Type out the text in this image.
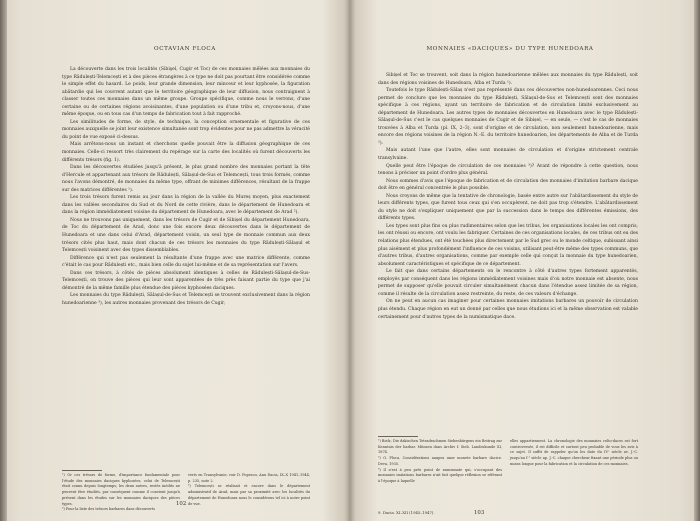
OCTAVIAN FLOCA

La découverte dans les trois localités (Sibişel, Cugir et Toc) de ces monnaies mêlées aux monnaies du type Rădulești-Telemcești et à des pièces étrangères à ce type ne doit pas pourtant être considérée comme le simple effet du hasard. Le poids, leur grande dimension, leur minceur et leur kyphosée, la figuration abâtardie qui les couvrent autant que le territoire géographique de leur diffusion, nous contraignent à classer toutes ces monnaies dans un même groupe. Groupe spécifique, comme nous le verrons, d'une certaine ou de certaines régions avoisinantes, d'une population ou d'une tribu et, croyons-nous, d'une même époque, ou en tous cas d'un temps de fabrication tout à fait rapproché.

Les similitudes de forme, de style, de technique, la conception ornementale et figurative de ces monnaies auxquelle se joint leur existence simultanée sont trop évidentes pour ne pas admettre la véracité du point de vue exposé ci-dessus.

Mais arrêtons-nous un instant et cherchons quelle pouvait être la diffusion géographique de ces monnaies. Celle-ci ressort très clairement du repérage sur la carte des localités où furent découverts les différents trésors (fig. 1).

Dans les découvertes étudiées jusqu'à présent, le plus grand nombre des monnaies portant la tête d'Hercule et appartenant aux trésors de Rădulești, Sălașul-de-Sus et Telemcești, tous trois formés, comme nous l'avons démontré, de monnaies du même type, offrant de minimes différences, résultant de la frappe sur des matrices différentes ¹).

Les trois trésors furent remis au jour dans la région de la vallée du Mureș moyen, plus exactement dans les vallées secondaires du Sud et du Nord de cette rivière, dans le département de Hunedoara et dans la région immédiatement voisine du département de Hunedoara, avec le département de Arad ²).

Nous ne trouvons pas uniquement, dans les trésors de Cugir et de Sibișel du département Hunedoara, de Toc du département de Arad, donc une fois encore deux découvertes dans le département de Hunedoara et une dans celui d'Arad, département voisin, un seul type de monnaie commun aux deux trésors cités plus haut, mais dont chacun de ces trésors les monnaies du type Rădulești-Sălașul et Telemcești voisinent avec des types dissemblables.

Différence qui n'est pas seulement la résultante d'une frappe avec une matrice différente, comme c'était le cas pour Rădulești etc., mais bien celle du sujet lui-même et de sa représentation sur l'avers.

Dans ces trésors, à côtés de pièces absolument identiques à celles de Rădulești-Sălașul-de-Sus-Telemcești, on trouve des pièces qui leur sont apparentées de très près faisant partie du type que j'ai démontré de la même famille plus étendue des pièces kyphosées daciques.

Les monnaies du type Rădulești, Sălașul-de-Sus et Telemcești se trouvent exclusivement dans la région hunedoarienne ³), les autres monnaies provenant des trésors de Cugir,

¹) Or ces trésors de forme, d'importance fondamentale pour l'étude des monnaies daciques kyphosées, celui de Telemcești était connu depuis longtemps; les deux autres, restés inédits ne peuvent être étudiés, par conséquent comme il convient jusqu'à présent dans les études sur les monnaies daciques des pièces types.

²) Pour la liste des trésors barbares dans découverts

verts en Transylvanie, voir D. Popescu, Anu Dacia, IX–X 1941–1944, p. 235, note 2.

³) Telemcești se réalisait et encore dans le département administratif de Arad, mais par sa proximité avec les localités du département de Hunedoara nous le considérons tel ici à notre point de vue.

102
MONNAIES «DACIQUES» DU TYPE HUNEDOARA

Sibișel et Toc se trouvent, soit dans la région hunedoarienne mêlées aux monnaies du type Rădulești, soit dans des régions voisines de Hunedoara, Alba et Turda ¹).

Toutefois le type Rădulești-Sălaș n'est pas représenté dans ces découvertes non-hunedoarennes. Ceci nous permet de conclure que les monnaies du type Rădulești, Sălașul-de-Sus et Telemcești sont des monnaies spécifique à ces régions, ayant un territoire de fabrication et de circulation limité exclusivement au département de Hunedoara. Les autres types de monnaies découvertes en Hunedoara avec le type Rădulești-Sălașul-de-Sus c'est le cas quelques monnaies de Cugir et de Sibișel, — en seule, — c'est le cas de monnaies trouvées à Alba et Turda (pl. IX, 2–3), sont d'origine et de circulation, non seulement hunedoarienne, mais encore des régions voisines de la région N.–E. du territoire hunedoarien, les départements de Alba et de Turda ²).

Mais autant l'une que l'autre, elles sont monnaies de circulation et d'origine strictement centrale transylvaine.

Quelle peut être l'époque de circulation de ces monnaies ³)? Avant de répondre à cette question, nous tenons à préciser un point d'ordre plus général.

Nous sommes d'avis que l'époque de fabrication et de circulation des monnaies d'imitation barbare dacique doit être en général concentrée le plus possible.

Nous croyons de même que la tentative de chronologie, basée entre autre sur l'abâtardissement du style de leurs différents types, que furent tous ceux qui s'en occupèrent, ne doit pas trop s'étendre. L'abâtardissement du style ne doit s'expliquer uniquement que par la succession dans le temps des différentes émissions, des différents types.

Les types sont plus fins ou plus rudimentaires selon que les tribus, les organisations locales les ont compris, les ont réussi ou encore, ont voulu les fabriquer. Certaines de ces organisations locales, de ces tribus ont eu des relations plus étendues, ont été touchées plus directement par le Sud grec ou le monde celtique, subissant ainsi plus aisément et plus profondément l'influence de ces voisins, utilisant peut-être même des types communs, que d'autres tribus, d'autres organisations, comme par exemple celle qui conçut la monnaie du type hunedoarien, absolument caractéristiques et spécifique de ce département.

Le fait que dans certains départements on le rencontre à côté d'autres types fortement apparentés, employés par conséquent dans les régions immédiatement voisines mais d'où notre monnaie est absente, nous permet de supposer qu'elle pouvait circuler simultanément chacun dans l'étendue assez limitée de sa région, comme il résulte de la circulation assez restreinte, du reste, de ces valeurs d'échange.

On ne peut en aucun cas imaginer pour certaines monnaies imitations barbares un pouvoir de circulation plus étendu. Chaque région en eut un donné par celles que nous étudions ici et la même observation est valable certainement pour d'autres types de la numismatique dace.

¹) Bielz, Die dakischen Tetradrachmen Siebenbürgens ein Beitrag zur Kenntnis der barbar. Münzen dans Archiv f. Sieb. Landeskunde XI, 1874.

²) O. Floca, Considérations aaupra unor monete barbare dacice. Deva, 1935.

³) Il n'est à peu près point de numismate qui, s'occupant des monnaies imitations barbares n'ait fait quelque réflexion se référant à l'époque à laquelle

elles appartiennent. La chronologie des monnaies celto-daces est fort controversée, il est difficile et surtout peu probable de vous les avis à ce sujet. Il suffit de rappeler qu'on les date du IVᵉ siècle av. J.-C. jusqu'au Iᵉʳ siècle ap. J.-C. chaque chercheur fixant une période plus ou moins longue pour la fabrication et la circulation de ces monnaies.

9. Dacia. XI–XII (1945–1947).	103
